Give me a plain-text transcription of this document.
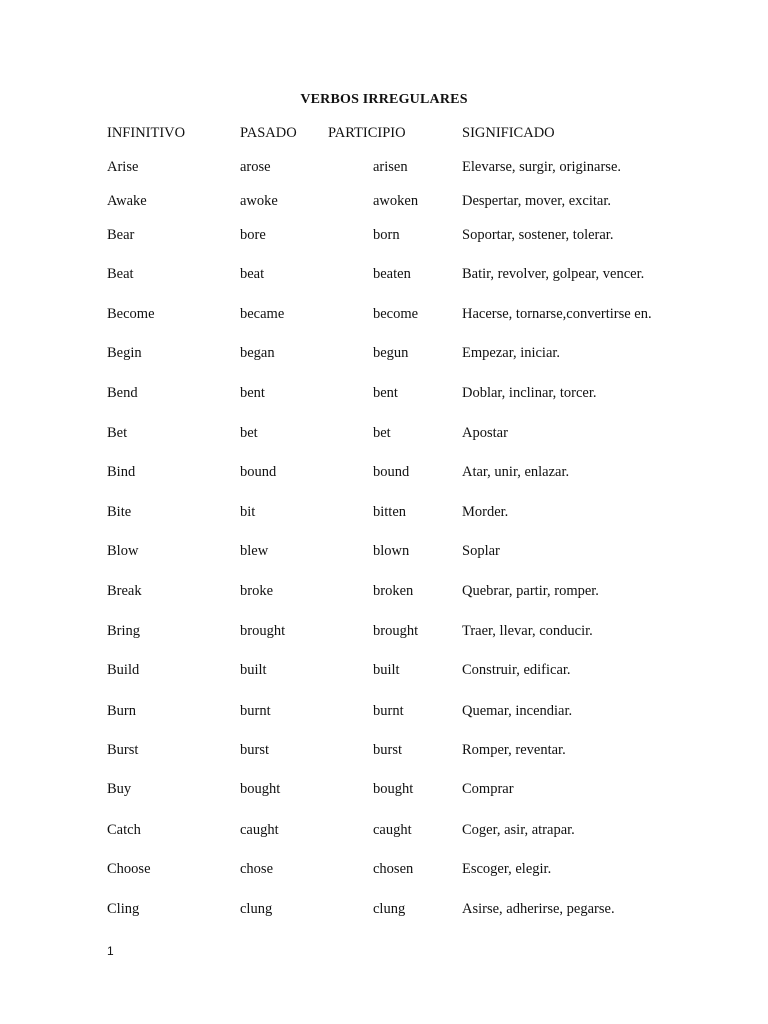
VERBOS IRREGULARES
INFINITIVO	PASADO PARTICIPIO	SIGNIFICADO
Arise	arose	arisen	Elevarse, surgir, originarse.
Awake	awoke	awoken	Despertar, mover, excitar.
Bear	bore	born	Soportar, sostener, tolerar.
Beat	beat	beaten	Batir, revolver, golpear, vencer.
Become	became	become	Hacerse, tornarse,convertirse en.
Begin	began	begun	Empezar, iniciar.
Bend	bent	bent	Doblar, inclinar, torcer.
Bet	bet	bet	Apostar
Bind	bound	bound	Atar, unir, enlazar.
Bite	bit	bitten	Morder.
Blow	blew	blown	Soplar
Break	broke	broken	Quebrar, partir, romper.
Bring	brought	brought	Traer, llevar, conducir.
Build	built	built	Construir, edificar.
Burn	burnt	burnt	Quemar, incendiar.
Burst	burst	burst	Romper, reventar.
Buy	bought	bought	Comprar
Catch	caught	caught	Coger, asir, atrapar.
Choose	chose	chosen	Escoger, elegir.
Cling	clung	clung	Asirse, adherirse, pegarse.
1
